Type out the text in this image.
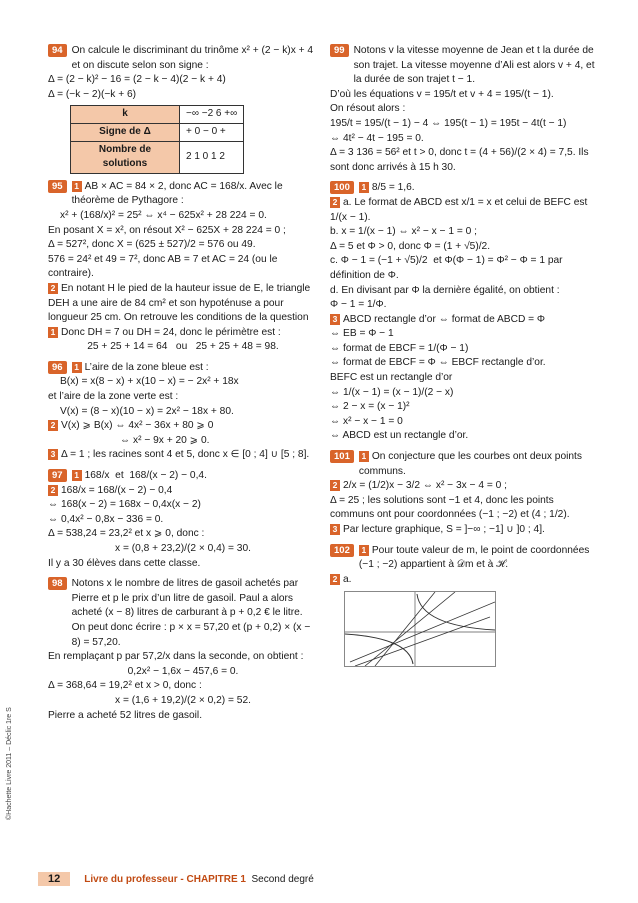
©Hachette Livre 2011 – Déclic 1re S
94 On calcule le discriminant du trinôme x² + (2 − k)x + 4 et on discute selon son signe :

Δ = (2 − k)² − 16 = (2 − k − 4)(2 − k + 4)

Δ = (−k − 2)(−k + 6)

k	−∞ −2 6 +∞
Signe de Δ	+ 0 − 0 +
Nombre de solutions	2 1 0 1 2
95	1 AB × AC = 84 × 2, donc AC = 168/x. Avec le théorème de Pythagore :

x² + (168/x)² = 25² ⇔ x⁴ − 625x² + 28 224 = 0.

En posant X = x², on résout X² − 625X + 28 224 = 0 ;

Δ = 527², donc X = (625 ± 527)/2 = 576 ou 49.

576 = 24² et 49 = 7², donc AB = 7 et AC = 24 (ou le contraire).

2 En notant H le pied de la hauteur issue de E, le triangle DEH a une aire de 84 cm² et son hypoténuse a pour longueur 25 cm. On retrouve les conditions de la question

1 Donc DH = 7 ou DH = 24, donc le périmètre est :

25 + 25 + 14 = 64   ou   25 + 25 + 48 = 98.

96	1 L’aire de la zone bleue est :

B(x) = x(8 − x) + x(10 − x) = − 2x² + 18x

et l’aire de la zone verte est :

V(x) = (8 − x)(10 − x) = 2x² − 18x + 80.

2 V(x) ⩾ B(x) ⇔ 4x² − 36x + 80 ⩾ 0

⇔ x² − 9x + 20 ⩾ 0.

3 Δ = 1 ; les racines sont 4 et 5, donc x ∈ [0 ; 4] ∪ [5 ; 8].

97	1 168/x  et  168/(x − 2) − 0,4.

2 168/x = 168/(x − 2) − 0,4

⇔ 168(x − 2) = 168x − 0,4x(x − 2)

⇔ 0,4x² − 0,8x − 336 = 0.

Δ = 538,24 = 23,2² et x ⩾ 0, donc :

x = (0,8 + 23,2)/(2 × 0,4) = 30.

Il y a 30 élèves dans cette classe.

98 Notons x le nombre de litres de gasoil achetés par Pierre et p le prix d’un litre de gasoil. Paul a alors acheté (x − 8) litres de carburant à p + 0,2 € le litre. On peut donc écrire : p × x = 57,20 et (p + 0,2) × (x − 8) = 57,20.

En remplaçant p par 57,2/x dans la seconde, on obtient :

0,2x² − 1,6x − 457,6 = 0.

Δ = 368,64 = 19,2² et x > 0, donc :

x = (1,6 + 19,2)/(2 × 0,2) = 52.

Pierre a acheté 52 litres de gasoil.

99 Notons v la vitesse moyenne de Jean et t la durée de son trajet. La vitesse moyenne d’Ali est alors v + 4, et la durée de son trajet t − 1.

D’où les équations v = 195/t et v + 4 = 195/(t − 1).

On résout alors :

195/t = 195/(t − 1) − 4 ⇔ 195(t − 1) = 195t − 4t(t − 1)

⇔ 4t² − 4t − 195 = 0.

Δ = 3 136 = 56² et t > 0, donc t = (4 + 56)/(2 × 4) = 7,5. Ils sont donc arrivés à 15 h 30.

100	1 8/5 = 1,6.

2 a. Le format de ABCD est x/1 = x et celui de BEFC est 1/(x − 1).

b. x = 1/(x − 1) ⇔ x² − x − 1 = 0 ;

Δ = 5 et Φ > 0, donc Φ = (1 + √5)/2.

c. Φ − 1 = (−1 + √5)/2  et Φ(Φ − 1) = Φ² − Φ = 1 par définition de Φ.

d. En divisant par Φ la dernière égalité, on obtient :

Φ − 1 = 1/Φ.

3 ABCD rectangle d’or ⇔ format de ABCD = Φ

⇔ EB = Φ − 1

⇔ format de EBCF = 1/(Φ − 1)

⇔ format de EBCF = Φ ⇔ EBCF rectangle d’or.

BEFC est un rectangle d’or

⇔ 1/(x − 1) = (x − 1)/(2 − x)

⇔ 2 − x = (x − 1)²

⇔ x² − x − 1 = 0

⇔ ABCD est un rectangle d’or.

101	1 On conjecture que les courbes ont deux points communs.

2 2/x = (1/2)x − 3/2 ⇔ x² − 3x − 4 = 0 ;

Δ = 25 ; les solutions sont −1 et 4, donc les points communs ont pour coordonnées (−1 ; −2) et (4 ; 1/2).

3 Par lecture graphique, S = ]−∞ ; −1] ∪ ]0 ; 4].

102	1 Pour toute valeur de m, le point de coordonnées (−1 ; −2) appartient à 𝒟m et à ℋ.

2 a.

12	Livre du professeur - CHAPITRE 1 Second degré
